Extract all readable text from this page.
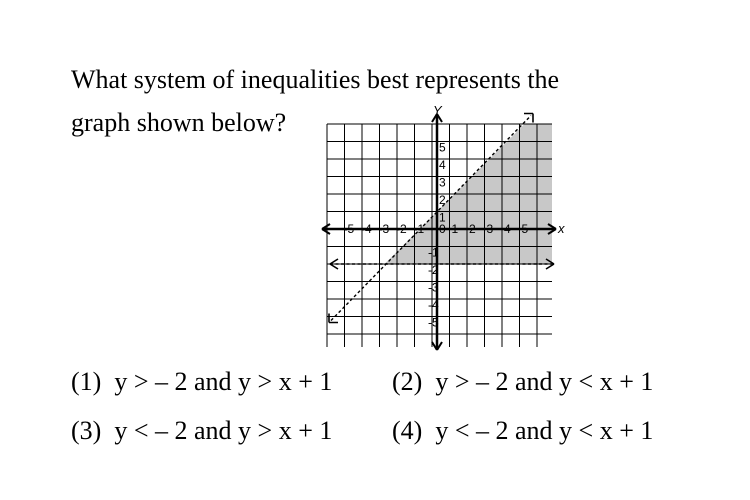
What system of inequalities best represents the
graph shown below?
x
Y
-5 -4 -3 -2 -1 0 1 2 3 4 5
5
4
3
2
1
-1
-2
-3
-4
-5
(1) y > – 2 and y > x + 1 (2) y > – 2 and y < x + 1
(3) y < – 2 and y > x + 1 (4) y < – 2 and y < x + 1
